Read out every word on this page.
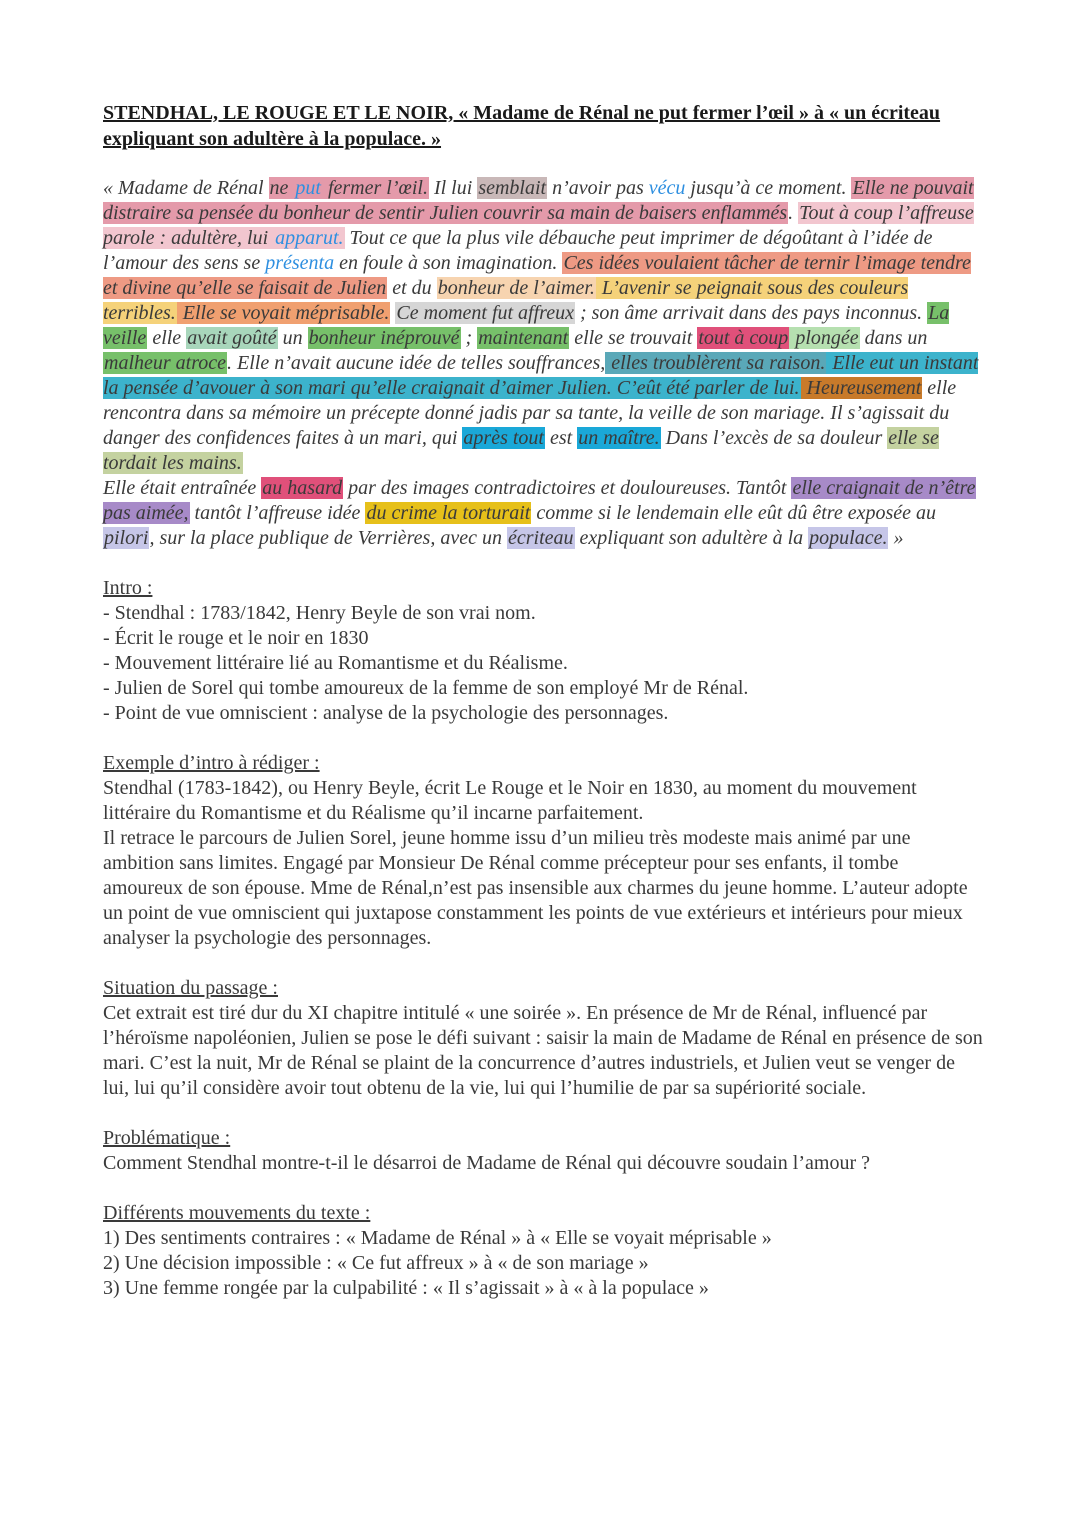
STENDHAL, LE ROUGE ET LE NOIR, « Madame de Rénal ne put fermer l’œil » à « un écriteau expliquant son adultère à la populace. »

« Madame de Rénal ne put fermer l’œil. Il lui semblait n’avoir pas vécu jusqu’à ce moment. Elle ne pouvait distraire sa pensée du bonheur de sentir Julien couvrir sa main de baisers enflammés. Tout à coup l’affreuse parole : adultère, lui apparut. Tout ce que la plus vile débauche peut imprimer de dégoûtant à l’idée de l’amour des sens se présenta en foule à son imagination. Ces idées voulaient tâcher de ternir l’image tendre et divine qu’elle se faisait de Julien et du bonheur de l’aimer. L’avenir se peignait sous des couleurs terribles. Elle se voyait méprisable. Ce moment fut affreux ; son âme arrivait dans des pays inconnus. La veille elle avait goûté un bonheur inéprouvé ; maintenant elle se trouvait tout à coup plongée dans un malheur atroce. Elle n’avait aucune idée de telles souffrances, elles troublèrent sa raison. Elle eut un instant la pensée d’avouer à son mari qu’elle craignait d’aimer Julien. C’eût été parler de lui. Heureusement elle rencontra dans sa mémoire un précepte donné jadis par sa tante, la veille de son mariage. Il s’agissait du danger des confidences faites à un mari, qui après tout est un maître. Dans l’excès de sa douleur elle se tordait les mains.

Elle était entraînée au hasard par des images contradictoires et douloureuses. Tantôt elle craignait de n’être pas aimée, tantôt l’affreuse idée du crime la torturait comme si le lendemain elle eût dû être exposée au pilori, sur la place publique de Verrières, avec un écriteau expliquant son adultère à la populace. »

Intro :
- Stendhal : 1783/1842, Henry Beyle de son vrai nom.
- Écrit le rouge et le noir en 1830
- Mouvement littéraire lié au Romantisme et du Réalisme.
- Julien de Sorel qui tombe amoureux de la femme de son employé Mr de Rénal.
- Point de vue omniscient : analyse de la psychologie des personnages.
Exemple d’intro à rédiger :

Stendhal (1783-1842), ou Henry Beyle, écrit Le Rouge et le Noir en 1830, au moment du mouvement littéraire du Romantisme et du Réalisme qu’il incarne parfaitement.

Il retrace le parcours de Julien Sorel, jeune homme issu d’un milieu très modeste mais animé par une ambition sans limites. Engagé par Monsieur De Rénal comme précepteur pour ses enfants, il tombe amoureux de son épouse. Mme de Rénal,n’est pas insensible aux charmes du jeune homme. L’auteur adopte un point de vue omniscient qui juxtapose constamment les points de vue extérieurs et intérieurs pour mieux analyser la psychologie des personnages.

Situation du passage :

Cet extrait est tiré dur du XI chapitre intitulé « une soirée ». En présence de Mr de Rénal, influencé par l’héroïsme napoléonien, Julien se pose le défi suivant : saisir la main de Madame de Rénal en présence de son mari. C’est la nuit, Mr de Rénal se plaint de la concurrence d’autres industriels, et Julien veut se venger de lui, lui qu’il considère avoir tout obtenu de la vie, lui qui l’humilie de par sa supériorité sociale.

Problématique :

Comment Stendhal montre-t-il le désarroi de Madame de Rénal qui découvre soudain l’amour ?

Différents mouvements du texte :
1) Des sentiments contraires : « Madame de Rénal » à « Elle se voyait méprisable »
2) Une décision impossible : « Ce fut affreux » à « de son mariage »
3) Une femme rongée par la culpabilité : « Il s’agissait » à « à la populace »
